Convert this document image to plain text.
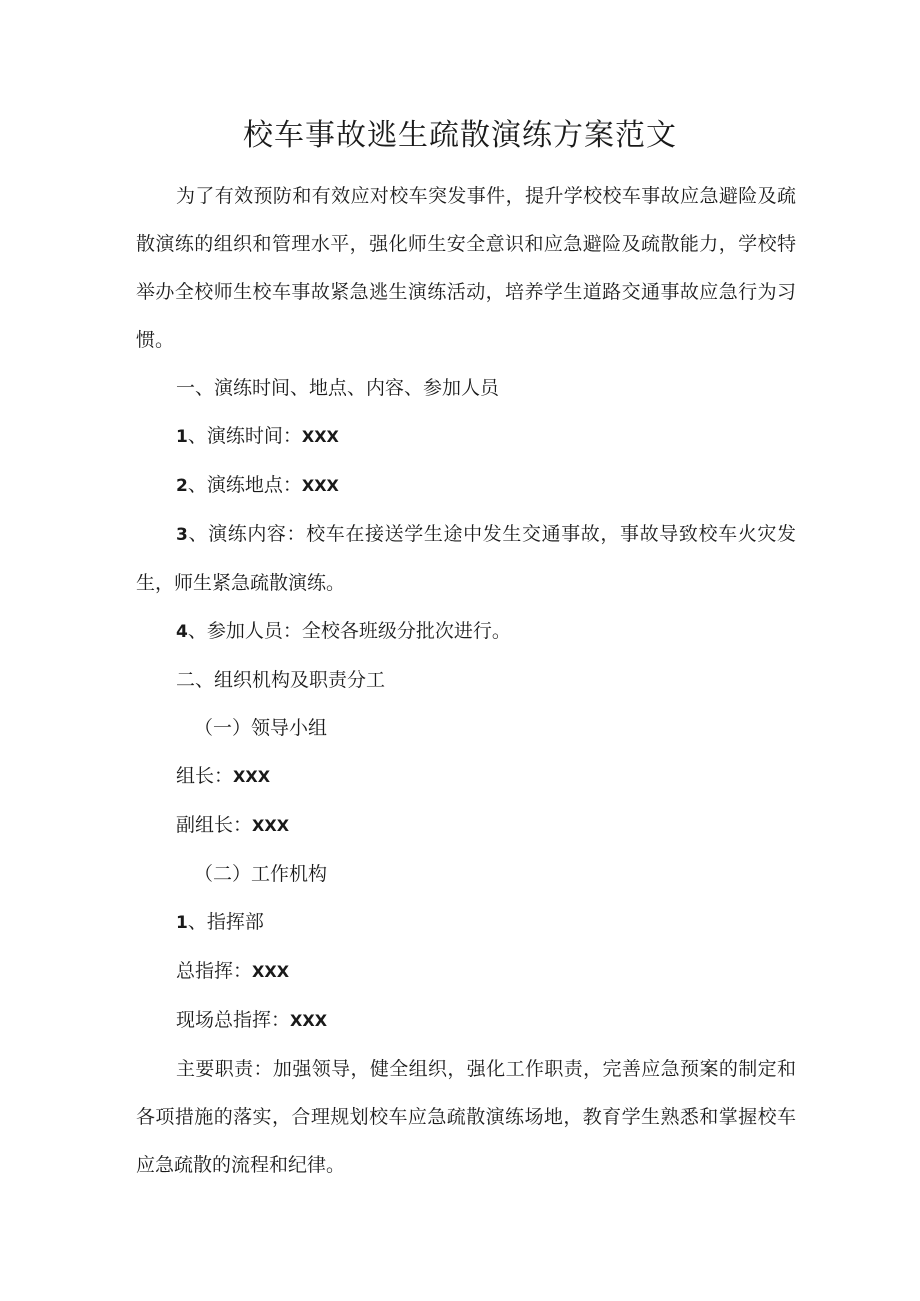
校车事故逃生疏散演练方案范文

为了有效预防和有效应对校车突发事件，提升学校校车事故应急避险及疏散演练的组织和管理水平，强化师生安全意识和应急避险及疏散能力，学校特举办全校师生校车事故紧急逃生演练活动，培养学生道路交通事故应急行为习惯。

一、演练时间、地点、内容、参加人员

1、演练时间：XXX

2、演练地点：XXX

3、演练内容：校车在接送学生途中发生交通事故，事故导致校车火灾发生，师生紧急疏散演练。

4、参加人员：全校各班级分批次进行。

二、组织机构及职责分工

（一）领导小组

组长：XXX

副组长：XXX

（二）工作机构

1、指挥部

总指挥：XXX

现场总指挥：XXX

主要职责：加强领导，健全组织，强化工作职责，完善应急预案的制定和各项措施的落实，合理规划校车应急疏散演练场地，教育学生熟悉和掌握校车应急疏散的流程和纪律。
